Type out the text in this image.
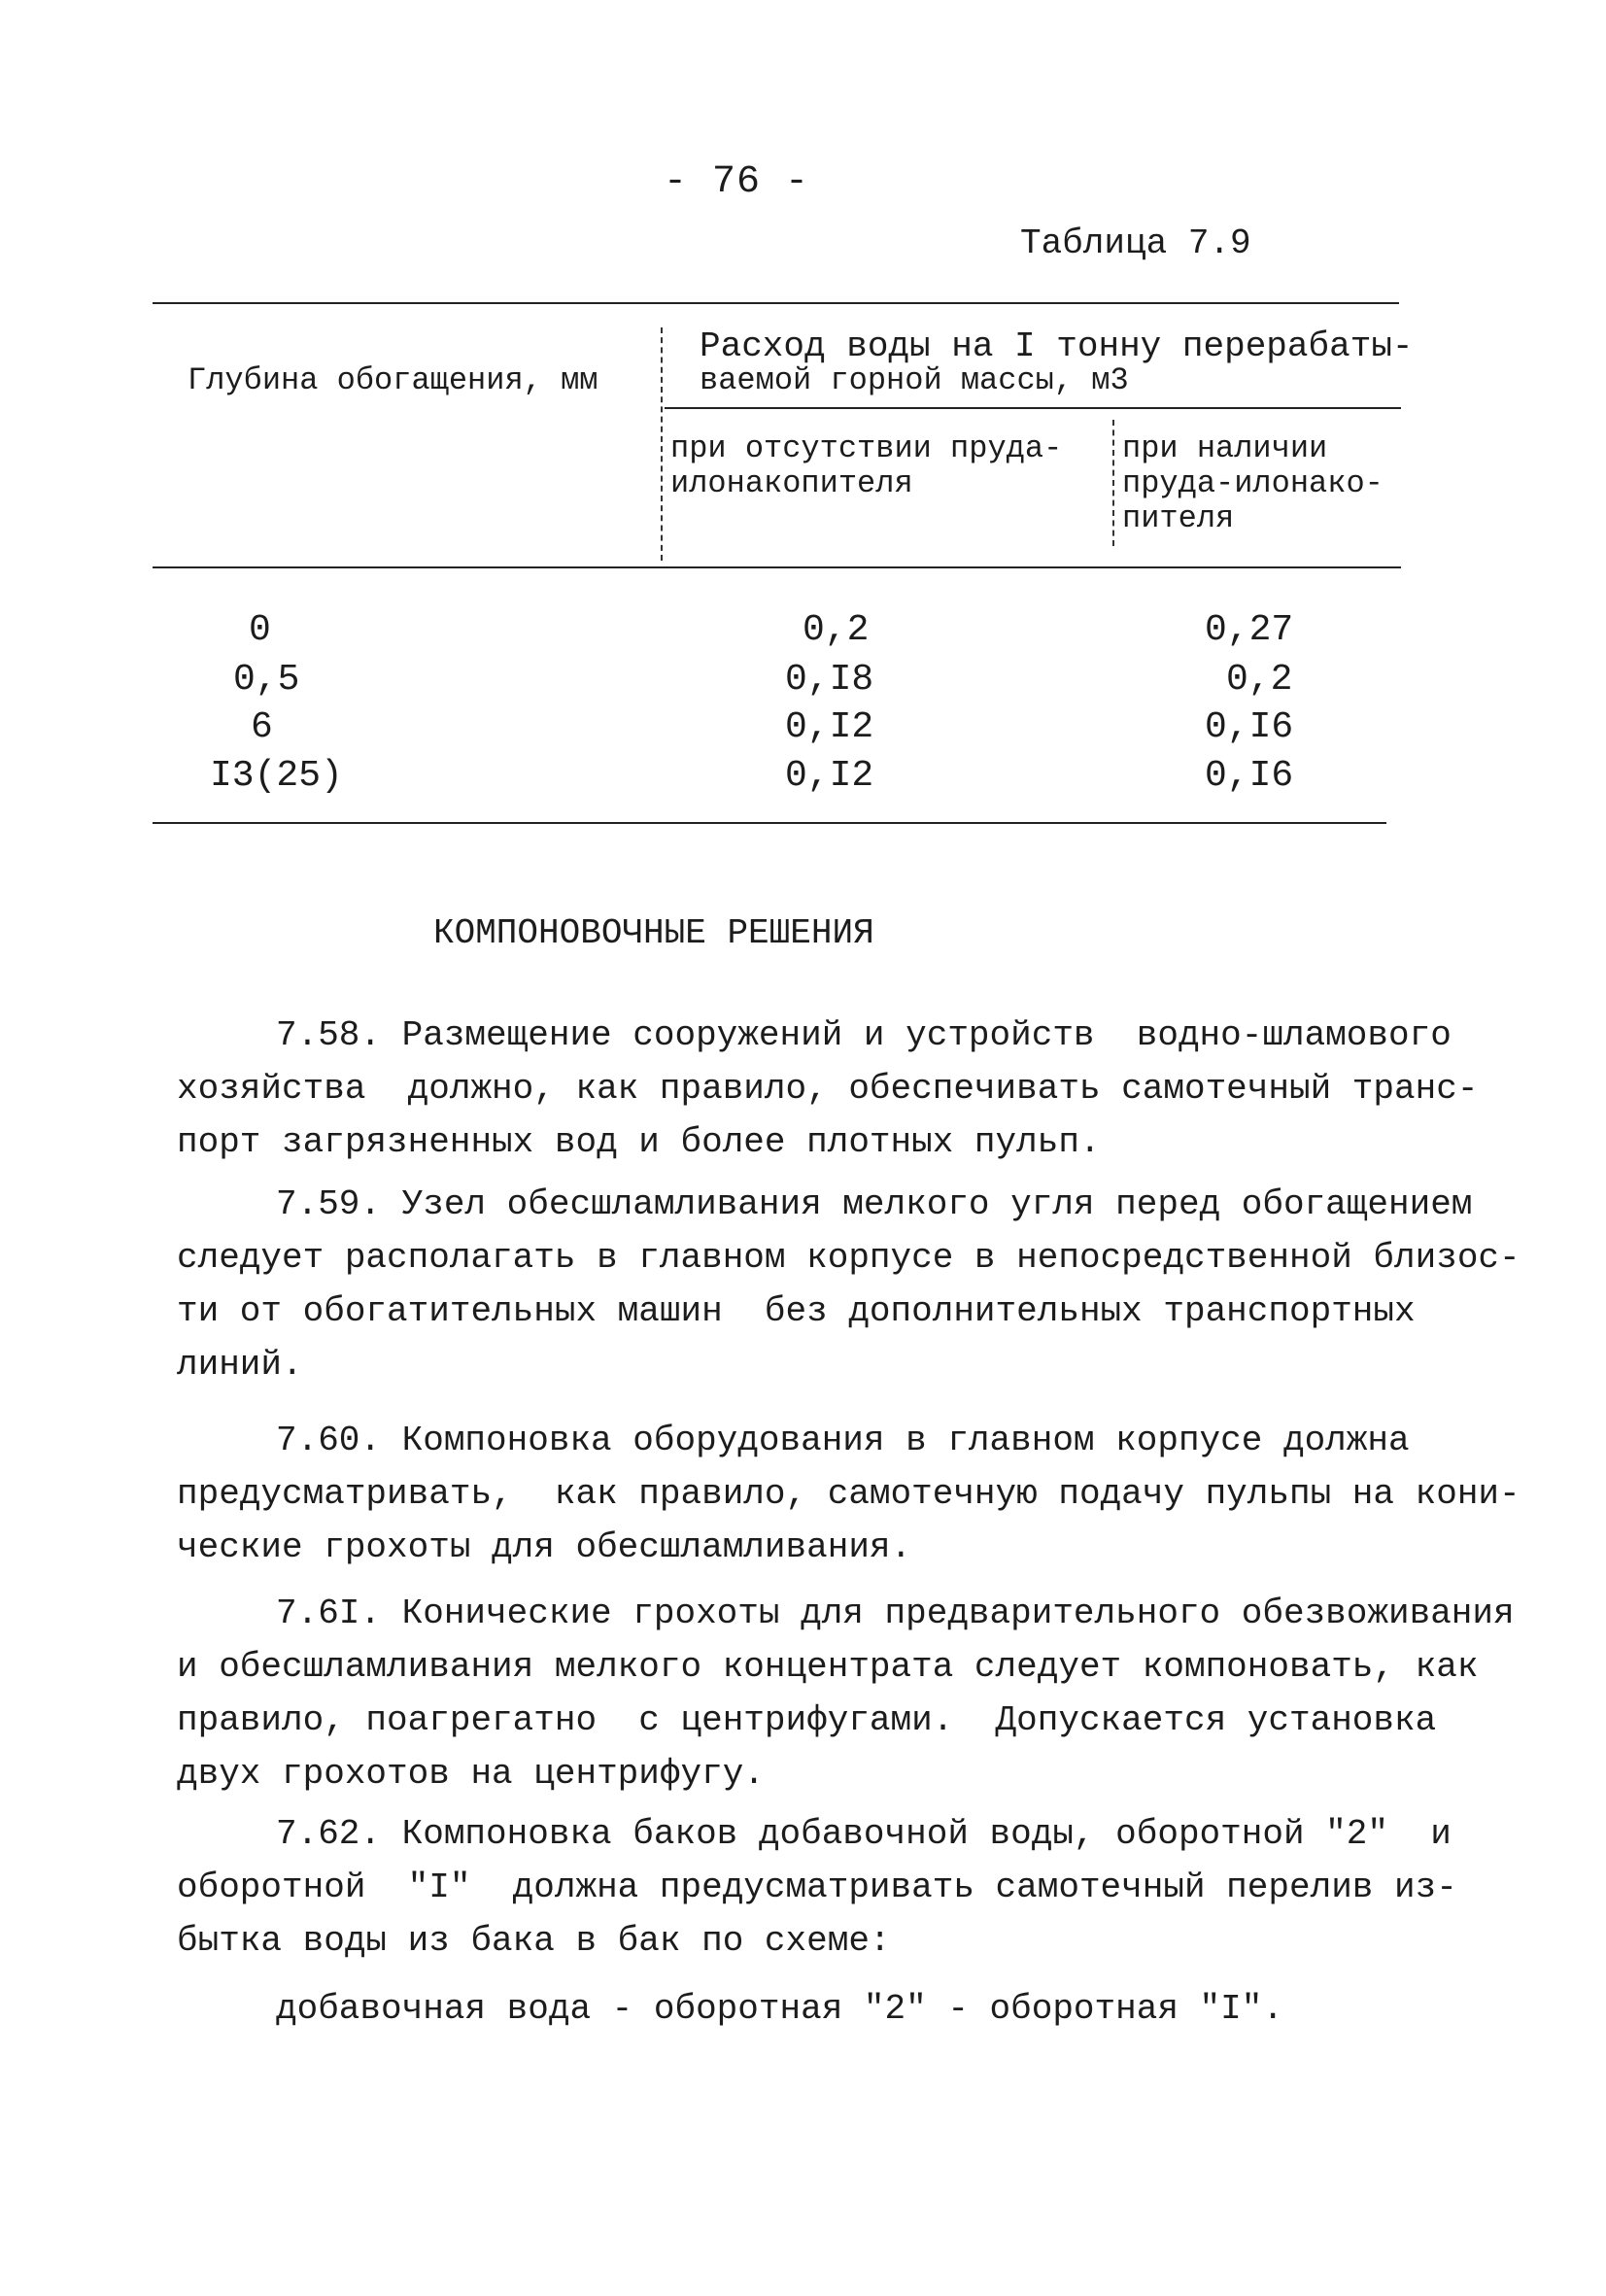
- 76 -
Таблица 7.9
Глубина обогащения, мм
Расход воды на I тонну перерабаты-
ваемой горной массы, м3
при отсутствии пруда-
илонакопителя
при наличии
пруда-илонако-
пителя
0	0,2	0,27
0,5	0,I8	0,2
6	0,I2	0,I6
I3(25)	0,I2	0,I6
КОМПОНОВОЧНЫЕ РЕШЕНИЯ
7.58. Размещение сооружений и устройств  водно-шламового
хозяйства  должно, как правило, обеспечивать самотечный транс-
порт загрязненных вод и более плотных пульп.
7.59. Узел обесшламливания мелкого угля перед обогащением
следует располагать в главном корпусе в непосредственной близос-
ти от обогатительных машин  без дополнительных транспортных
линий.
7.60. Компоновка оборудования в главном корпусе должна
предусматривать,  как правило, самотечную подачу пульпы на кони-
ческие грохоты для обесшламливания.
7.6I. Конические грохоты для предварительного обезвоживания
и обесшламливания мелкого концентрата следует компоновать, как
правило, поагрегатно  с центрифугами.  Допускается установка
двух грохотов на центрифугу.
7.62. Компоновка баков добавочной воды, оборотной "2"  и
оборотной  "I"  должна предусматривать самотечный перелив из-
бытка воды из бака в бак по схеме:
добавочная вода - оборотная "2" - оборотная "I".
